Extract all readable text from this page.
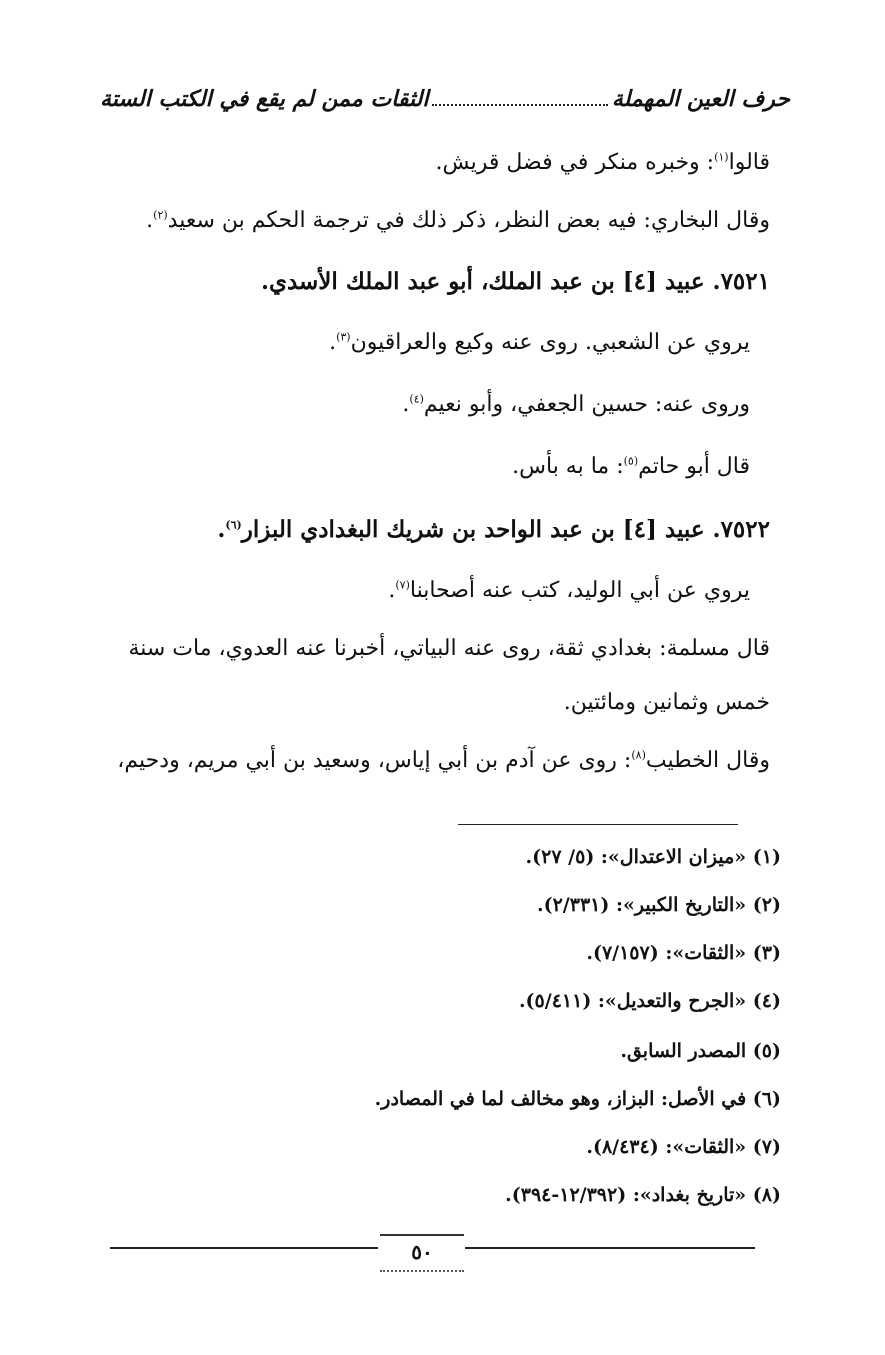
حرف العين المهملة
الثقات ممن لم يقع في الكتب الستة
قالوا$^{(١)}$: وخبره منكر في فضل قريش.
وقال البخاري: فيه بعض النظر، ذكر ذلك في ترجمة الحكم بن سعيد$^{(٢)}$.
٧٥٢١. عبيد [٤] بن عبد الملك، أبو عبد الملك الأسدي.
يروي عن الشعبي. روى عنه وكيع والعراقيون$^{(٣)}$.
وروى عنه: حسين الجعفي، وأبو نعيم$^{(٤)}$.
قال أبو حاتم$^{(٥)}$: ما به بأس.
٧٥٢٢. عبيد [٤] بن عبد الواحد بن شريك البغدادي البزار$^{(٦)}$.
يروي عن أبي الوليد، كتب عنه أصحابنا$^{(٧)}$.
قال مسلمة: بغدادي ثقة، روى عنه البياتي، أخبرنا عنه العدوي، مات سنة
خمس وثمانين ومائتين.
وقال الخطيب$^{(٨)}$: روى عن آدم بن أبي إياس، وسعيد بن أبي مريم، ودحيم،
(١) «ميزان الاعتدال»: (٥/ ٢٧).
(٢) «التاريخ الكبير»: (٢/٣٣١).
(٣) «الثقات»: (٧/١٥٧).
(٤) «الجرح والتعديل»: (٥/٤١١).
(٥) المصدر السابق.
(٦) في الأصل: البزاز، وهو مخالف لما في المصادر.
(٧) «الثقات»: (٨/٤٣٤).
(٨) «تاريخ بغداد»: (١٢/٣٩٢-٣٩٤).
٥٠
